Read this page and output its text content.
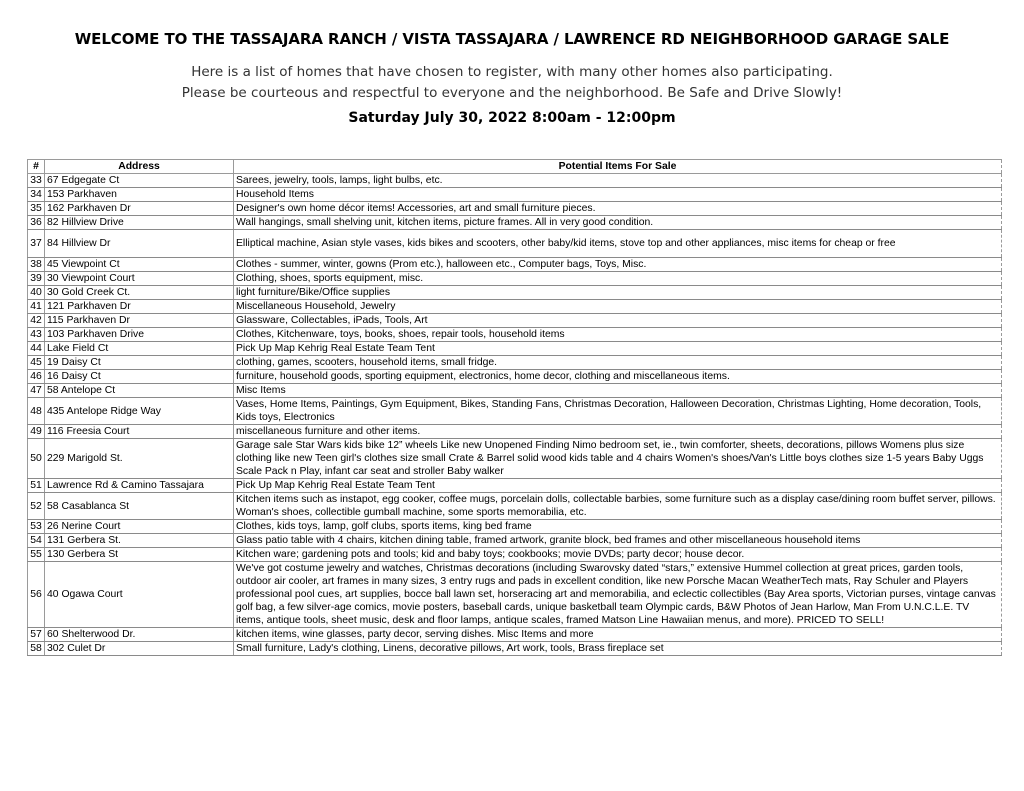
WELCOME TO THE TASSAJARA RANCH / VISTA TASSAJARA / LAWRENCE RD NEIGHBORHOOD GARAGE SALE
Here is a list of homes that have chosen to register, with many other homes also participating.
Please be courteous and respectful to everyone and the neighborhood. Be Safe and Drive Slowly!
Saturday July 30, 2022 8:00am - 12:00pm
#	Address	Potential Items For Sale
33	67 Edgegate Ct	Sarees, jewelry, tools, lamps, light bulbs, etc.
34	153 Parkhaven	Household Items
35	162 Parkhaven Dr	Designer's own home décor items! Accessories, art and small furniture pieces.
36	82 Hillview Drive	Wall hangings, small shelving unit, kitchen items, picture frames. All in very good condition.
37	84 Hillview Dr	Elliptical machine, Asian style vases, kids bikes and scooters, other baby/kid items, stove top and other appliances, misc items for cheap or free
38	45 Viewpoint Ct	Clothes - summer, winter, gowns (Prom etc.), halloween etc., Computer bags, Toys, Misc.
39	30 Viewpoint Court	Clothing, shoes, sports equipment, misc.
40	30 Gold Creek Ct.	light furniture/Bike/Office supplies
41	121 Parkhaven Dr	Miscellaneous Household, Jewelry
42	115 Parkhaven Dr	Glassware, Collectables, iPads, Tools, Art
43	103 Parkhaven Drive	Clothes, Kitchenware, toys, books, shoes, repair tools, household items
44	Lake Field Ct	Pick Up Map Kehrig Real Estate Team Tent
45	19 Daisy Ct	clothing, games, scooters, household items, small fridge.
46	16 Daisy Ct	furniture, household goods, sporting equipment, electronics, home decor, clothing and miscellaneous items.
47	58 Antelope Ct	Misc Items
48	435 Antelope Ridge Way	Vases, Home Items, Paintings, Gym Equipment, Bikes, Standing Fans, Christmas Decoration, Halloween Decoration, Christmas Lighting, Home decoration, Tools, Kids toys, Electronics
49	116 Freesia Court	miscellaneous furniture and other items.
50	229 Marigold St.	Garage sale Star Wars kids bike 12” wheels Like new Unopened Finding Nimo bedroom set, ie., twin comforter, sheets, decorations, pillows Womens plus size clothing like new Teen girl's clothes size small Crate & Barrel solid wood kids table and 4 chairs Women's shoes/Van's Little boys clothes size 1-5 years Baby Uggs Scale Pack n Play, infant car seat and stroller Baby walker
51	Lawrence Rd & Camino Tassajara	Pick Up Map Kehrig Real Estate Team Tent
52	58 Casablanca St	Kitchen items such as instapot, egg cooker, coffee mugs, porcelain dolls, collectable barbies, some furniture such as a display case/dining room buffet server, pillows. Woman's shoes, collectible gumball machine, some sports memorabilia, etc.
53	26 Nerine Court	Clothes, kids toys, lamp, golf clubs, sports items, king bed frame
54	131 Gerbera St.	Glass patio table with 4 chairs, kitchen dining table, framed artwork, granite block, bed frames and other miscellaneous household items
55	130 Gerbera St	Kitchen ware; gardening pots and tools; kid and baby toys; cookbooks; movie DVDs; party decor; house decor.
56	40 Ogawa Court	We've got costume jewelry and watches, Christmas decorations (including Swarovsky dated “stars,” extensive Hummel collection at great prices, garden tools, outdoor air cooler, art frames in many sizes, 3 entry rugs and pads in excellent condition, like new Porsche Macan WeatherTech mats, Ray Schuler and Players professional pool cues, art supplies, bocce ball lawn set, horseracing art and memorabilia, and eclectic collectibles (Bay Area sports, Victorian purses, vintage canvas golf bag, a few silver-age comics, movie posters, baseball cards, unique basketball team Olympic cards, B&W Photos of Jean Harlow, Man From U.N.C.L.E. TV items, antique tools, sheet music, desk and floor lamps, antique scales, framed Matson Line Hawaiian menus, and more). PRICED TO SELL!
57	60 Shelterwood Dr.	kitchen items, wine glasses, party decor, serving dishes. Misc Items and more
58	302 Culet Dr	Small furniture, Lady's clothing, Linens, decorative pillows, Art work, tools, Brass fireplace set
